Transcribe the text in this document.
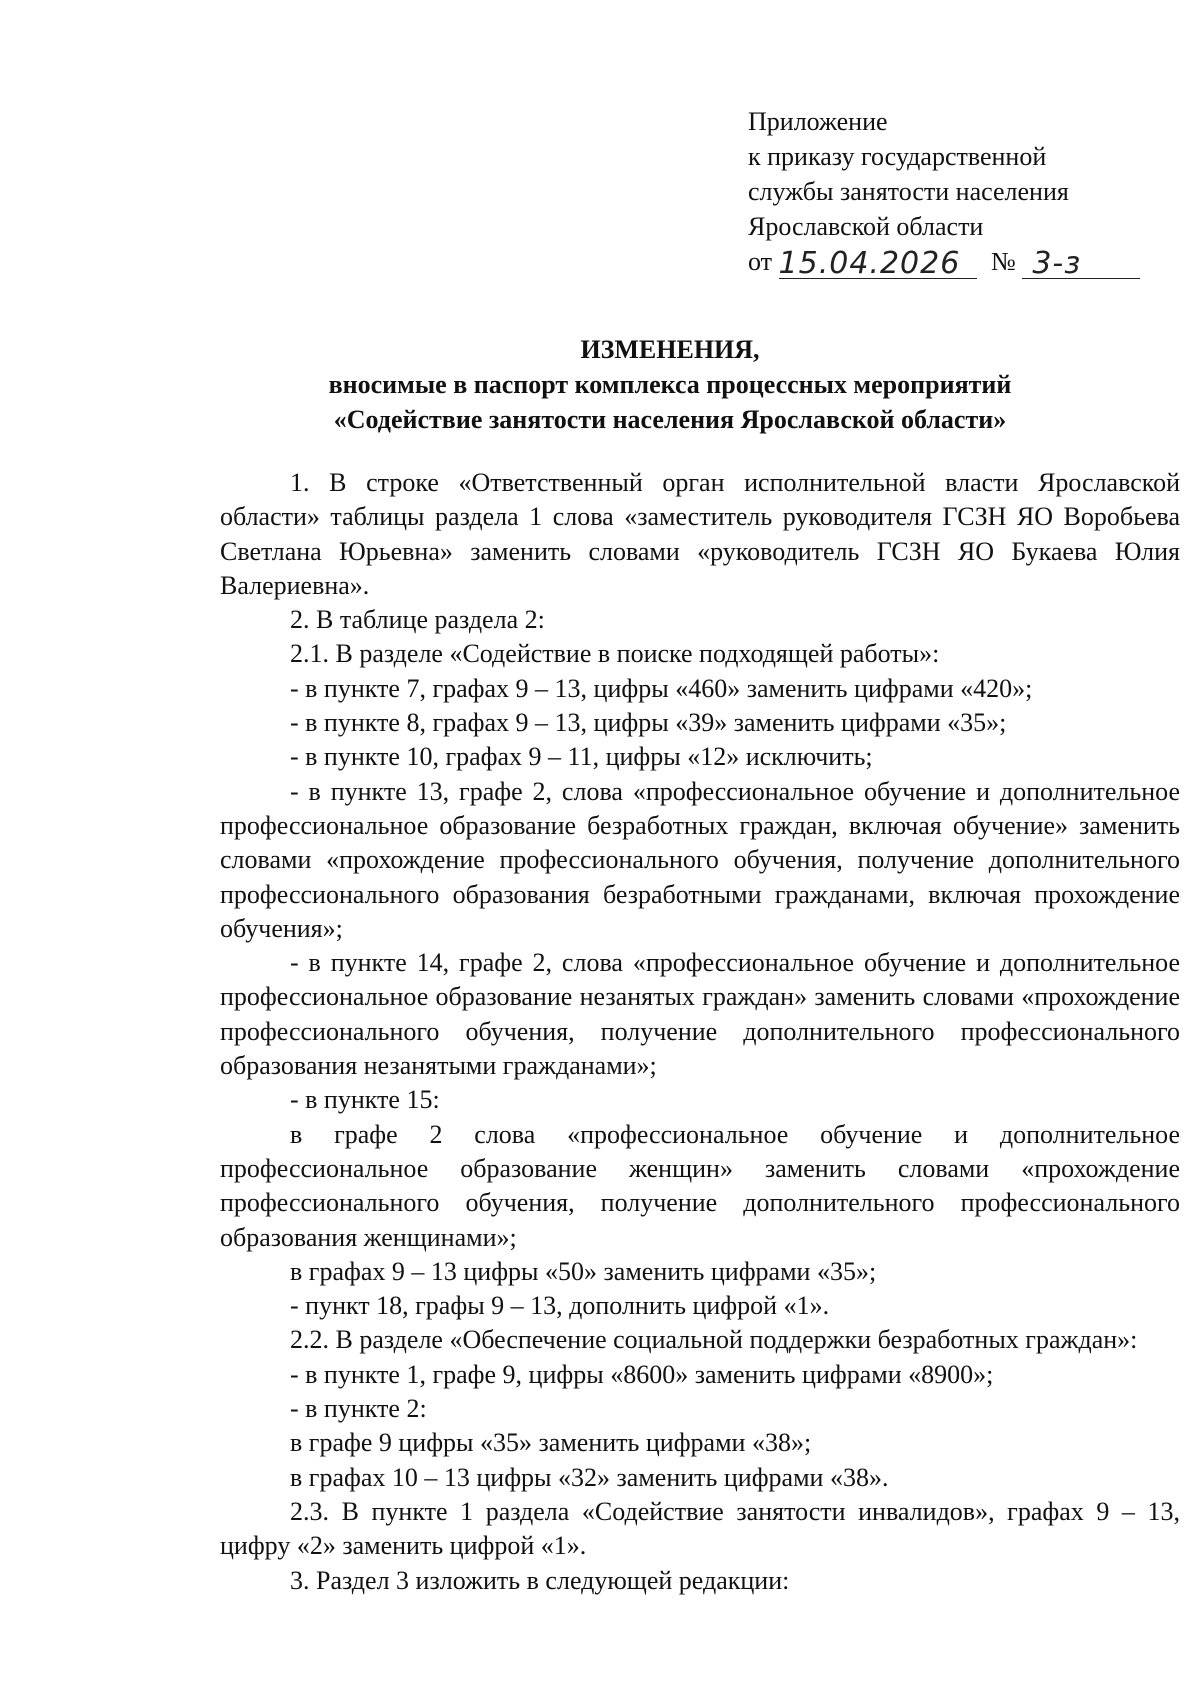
Приложение
к приказу государственной
службы занятости населения
Ярославской области
от 15.04.2026 № 3-з
ИЗМЕНЕНИЯ,
вносимые в паспорт комплекса процессных мероприятий
«Содействие занятости населения Ярославской области»

1. В строке «Ответственный орган исполнительной власти Ярославской области» таблицы раздела 1 слова «заместитель руководителя ГСЗН ЯО Воробьева Светлана Юрьевна» заменить словами «руководитель ГСЗН ЯО Букаева Юлия Валериевна».

2. В таблице раздела 2:

2.1. В разделе «Содействие в поиске подходящей работы»:

- в пункте 7, графах 9 – 13, цифры «460» заменить цифрами «420»;

- в пункте 8, графах 9 – 13, цифры «39» заменить цифрами «35»;

- в пункте 10, графах 9 – 11, цифры «12» исключить;

- в пункте 13, графе 2, слова «профессиональное обучение и дополнительное профессиональное образование безработных граждан, включая обучение» заменить словами «прохождение профессионального обучения, получение дополнительного профессионального образования безработными гражданами, включая прохождение обучения»;

- в пункте 14, графе 2, слова «профессиональное обучение и дополнительное профессиональное образование незанятых граждан» заменить словами «прохождение профессионального обучения, получение дополнительного профессионального образования незанятыми гражданами»;

- в пункте 15:

в графе 2 слова «профессиональное обучение и дополнительное профессиональное образование женщин» заменить словами «прохождение профессионального обучения, получение дополнительного профессионального образования женщинами»;

в графах 9 – 13 цифры «50» заменить цифрами «35»;

- пункт 18, графы 9 – 13, дополнить цифрой «1».

2.2. В разделе «Обеспечение социальной поддержки безработных граждан»:

- в пункте 1, графе 9, цифры «8600» заменить цифрами «8900»;

- в пункте 2:

в графе 9 цифры «35» заменить цифрами «38»;

в графах 10 – 13 цифры «32» заменить цифрами «38».

2.3. В пункте 1 раздела «Содействие занятости инвалидов», графах 9 – 13, цифру «2» заменить цифрой «1».

3. Раздел 3 изложить в следующей редакции:
